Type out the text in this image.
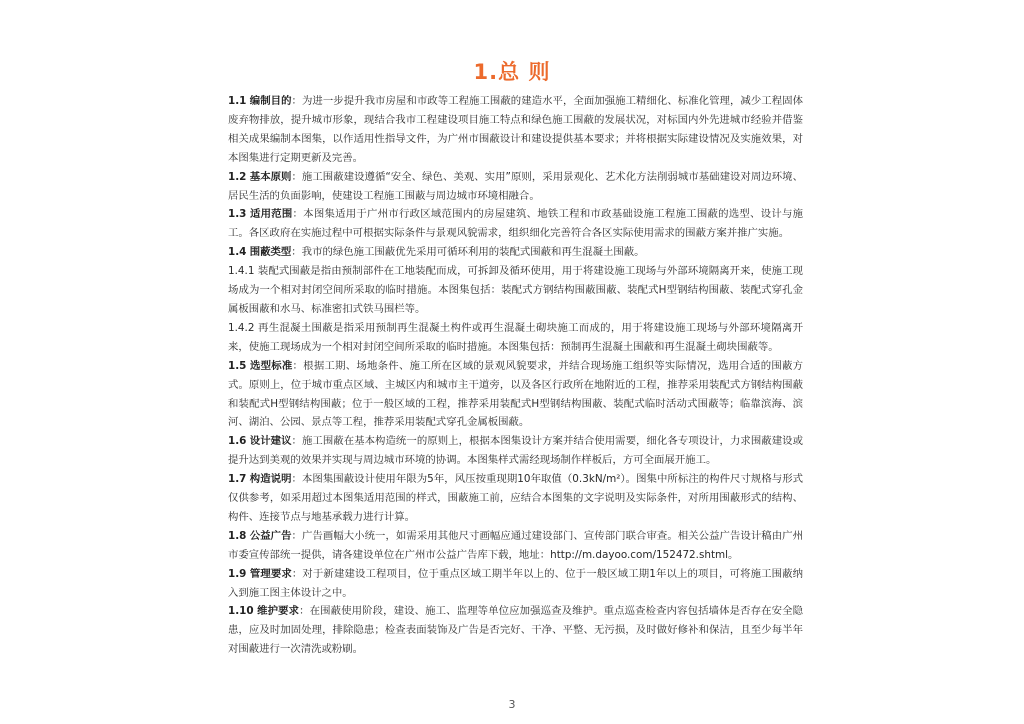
1.总 则

1.1 编制目的：为进一步提升我市房屋和市政等工程施工围蔽的建造水平，全面加强施工精细化、标准化管理，减少工程固体废弃物排放，提升城市形象，现结合我市工程建设项目施工特点和绿色施工围蔽的发展状况，对标国内外先进城市经验并借鉴相关成果编制本图集，以作适用性指导文件，为广州市围蔽设计和建设提供基本要求；并将根据实际建设情况及实施效果，对本图集进行定期更新及完善。

1.2 基本原则：施工围蔽建设遵循“安全、绿色、美观、实用”原则，采用景观化、艺术化方法削弱城市基础建设对周边环境、居民生活的负面影响，使建设工程施工围蔽与周边城市环境相融合。

1.3 适用范围：本图集适用于广州市行政区域范围内的房屋建筑、地铁工程和市政基础设施工程施工围蔽的选型、设计与施工。各区政府在实施过程中可根据实际条件与景观风貌需求，组织细化完善符合各区实际使用需求的围蔽方案并推广实施。

1.4 围蔽类型：我市的绿色施工围蔽优先采用可循环利用的装配式围蔽和再生混凝土围蔽。

1.4.1 装配式围蔽是指由预制部件在工地装配而成，可拆卸及循环使用，用于将建设施工现场与外部环境隔离开来，使施工现场成为一个相对封闭空间所采取的临时措施。本图集包括：装配式方钢结构围蔽围蔽、装配式H型钢结构围蔽、装配式穿孔金属板围蔽和水马、标准密扣式铁马围栏等。

1.4.2 再生混凝土围蔽是指采用预制再生混凝土构件或再生混凝土砌块施工而成的，用于将建设施工现场与外部环境隔离开来，使施工现场成为一个相对封闭空间所采取的临时措施。本图集包括：预制再生混凝土围蔽和再生混凝土砌块围蔽等。

1.5 选型标准：根据工期、场地条件、施工所在区域的景观风貌要求，并结合现场施工组织等实际情况，选用合适的围蔽方式。原则上，位于城市重点区域、主城区内和城市主干道旁，以及各区行政所在地附近的工程，推荐采用装配式方钢结构围蔽和装配式H型钢结构围蔽；位于一般区域的工程，推荐采用装配式H型钢结构围蔽、装配式临时活动式围蔽等；临靠滨海、滨河、湖泊、公园、景点等工程，推荐采用装配式穿孔金属板围蔽。

1.6 设计建议：施工围蔽在基本构造统一的原则上，根据本图集设计方案并结合使用需要，细化各专项设计，力求围蔽建设或提升达到美观的效果并实现与周边城市环境的协调。本图集样式需经现场制作样板后，方可全面展开施工。

1.7 构造说明：本图集围蔽设计使用年限为5年，风压按重现期10年取值（0.3kN/m²）。图集中所标注的构件尺寸规格与形式仅供参考，如采用超过本图集适用范围的样式，围蔽施工前，应结合本图集的文字说明及实际条件，对所用围蔽形式的结构、构件、连接节点与地基承载力进行计算。

1.8 公益广告：广告画幅大小统一，如需采用其他尺寸画幅应通过建设部门、宣传部门联合审查。相关公益广告设计稿由广州市委宣传部统一提供，请各建设单位在广州市公益广告库下载，地址：http://m.dayoo.com/152472.shtml。

1.9 管理要求：对于新建建设工程项目，位于重点区域工期半年以上的、位于一般区域工期1年以上的项目，可将施工围蔽纳入到施工图主体设计之中。

1.10 维护要求：在围蔽使用阶段，建设、施工、监理等单位应加强巡查及维护。重点巡查检查内容包括墙体是否存在安全隐患，应及时加固处理，排除隐患；检查表面装饰及广告是否完好、干净、平整、无污损，及时做好修补和保洁，且至少每半年对围蔽进行一次清洗或粉刷。

3
